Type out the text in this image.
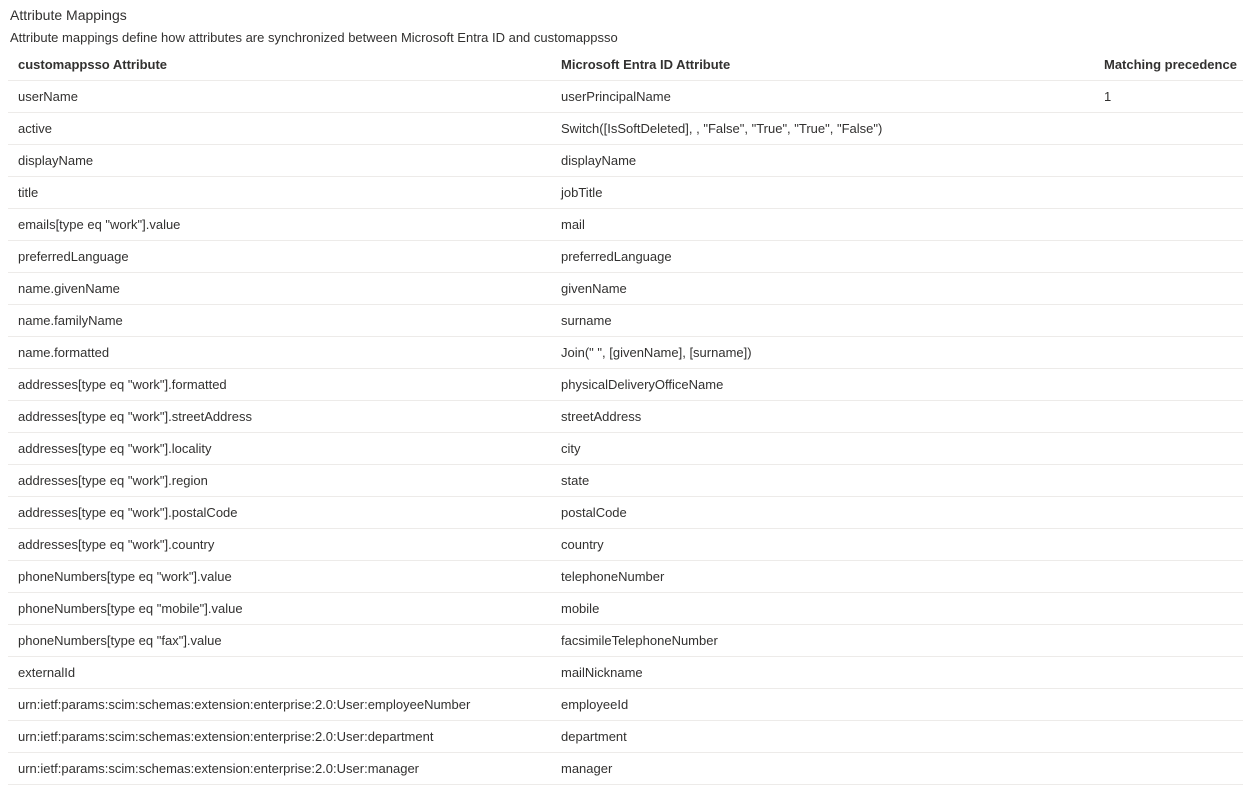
Attribute Mappings
Attribute mappings define how attributes are synchronized between Microsoft Entra ID and customappsso
customappsso Attribute	Microsoft Entra ID Attribute	Matching precedence
userName	userPrincipalName	1
active	Switch([IsSoftDeleted], , "False", "True", "True", "False")
displayName	displayName
title	jobTitle
emails[type eq "work"].value	mail
preferredLanguage	preferredLanguage
name.givenName	givenName
name.familyName	surname
name.formatted	Join(" ", [givenName], [surname])
addresses[type eq "work"].formatted	physicalDeliveryOfficeName
addresses[type eq "work"].streetAddress	streetAddress
addresses[type eq "work"].locality	city
addresses[type eq "work"].region	state
addresses[type eq "work"].postalCode	postalCode
addresses[type eq "work"].country	country
phoneNumbers[type eq "work"].value	telephoneNumber
phoneNumbers[type eq "mobile"].value	mobile
phoneNumbers[type eq "fax"].value	facsimileTelephoneNumber
externalId	mailNickname
urn:ietf:params:scim:schemas:extension:enterprise:2.0:User:employeeNumber	employeeId
urn:ietf:params:scim:schemas:extension:enterprise:2.0:User:department	department
urn:ietf:params:scim:schemas:extension:enterprise:2.0:User:manager	manager
